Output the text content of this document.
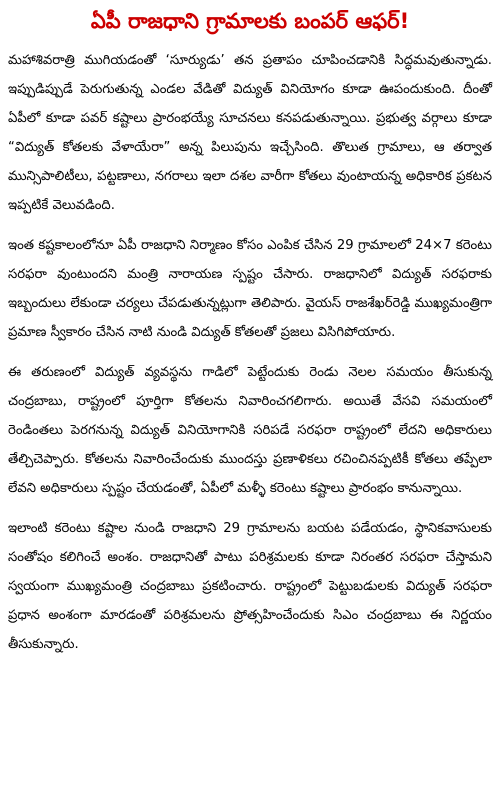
ఏపీ రాజధాని గ్రామాలకు బంపర్ ఆఫర్!

మహాశివరాత్రి ముగియడంతో ‘సూర్యుడు’ తన ప్రతాపం చూపించడానికి సిద్ధమవుతున్నాడు. ఇప్పుడిప్పుడే పెరుగుతున్న ఎండల వేడితో విద్యుత్ వినియోగం కూడా ఊపందుకుంది. దీంతో ఏపీలో కూడా పవర్ కష్టాలు ప్రారంభయ్యే సూచనలు కనపడుతున్నాయి. ప్రభుత్వ వర్గాలు కూడా “విద్యుత్ కోతలకు వేళాయేరా” అన్న పిలుపును ఇచ్చేసింది. తొలుత గ్రామాలు, ఆ తర్వాత మున్సిపాలిటీలు, పట్టణాలు, నగరాలు ఇలా దశల వారీగా కోతలు వుంటాయన్న అధికారిక ప్రకటన ఇప్పటికే వెలువడింది.

ఇంత కష్టకాలంలోనూ ఏపీ రాజధాని నిర్మాణం కోసం ఎంపిక చేసిన 29 గ్రామాలలో 24×7 కరెంటు సరఫరా వుంటుందని మంత్రి నారాయణ స్పష్టం చేసారు. రాజధానిలో విద్యుత్ సరఫరాకు ఇబ్బందులు లేకుండా చర్యలు చేపడుతున్నట్లుగా తెలిపారు. వైయస్ రాజశేఖర్‌రెడ్డి ముఖ్యమంత్రిగా ప్రమాణ స్వీకారం చేసిన నాటి నుండి విద్యుత్ కోతలతో ప్రజలు విసిగిపోయారు.

ఈ తరుణంలో విద్యుత్ వ్యవస్థను గాడిలో పెట్టేందుకు రెండు నెలల సమయం తీసుకున్న చంద్రబాబు, రాష్ట్రంలో పూర్తిగా కోతలను నివారించగలిగారు. అయితే వేసవి సమయంలో రెండింతలు పెరగనున్న విద్యుత్ వినియోగానికి సరిపడే సరఫరా రాష్ట్రంలో లేదని అధికారులు తేల్చిచెప్పారు. కోతలను నివారించేందుకు ముందస్తు ప్రణాళికలు రచించినప్పటికీ కోతలు తప్పేలా లేవని అధికారులు స్పష్టం చేయడంతో, ఏపీలో మళ్ళీ కరెంటు కష్టాలు ప్రారంభం కానున్నాయి.

ఇలాంటి కరెంటు కష్టాల నుండి రాజధాని 29 గ్రామాలను బయట పడేయడం, స్థానికవాసులకు సంతోషం కలిగించే అంశం. రాజధానితో పాటు పరిశ్రమలకు కూడా నిరంతర సరఫరా చేస్తామని స్వయంగా ముఖ్యమంత్రి చంద్రబాబు ప్రకటించారు. రాష్ట్రంలో పెట్టుబడులకు విద్యుత్ సరఫరా ప్రధాన అంశంగా మారడంతో పరిశ్రమలను ప్రోత్సహించేందుకు సిఎం చంద్రబాబు ఈ నిర్ణయం తీసుకున్నారు.
